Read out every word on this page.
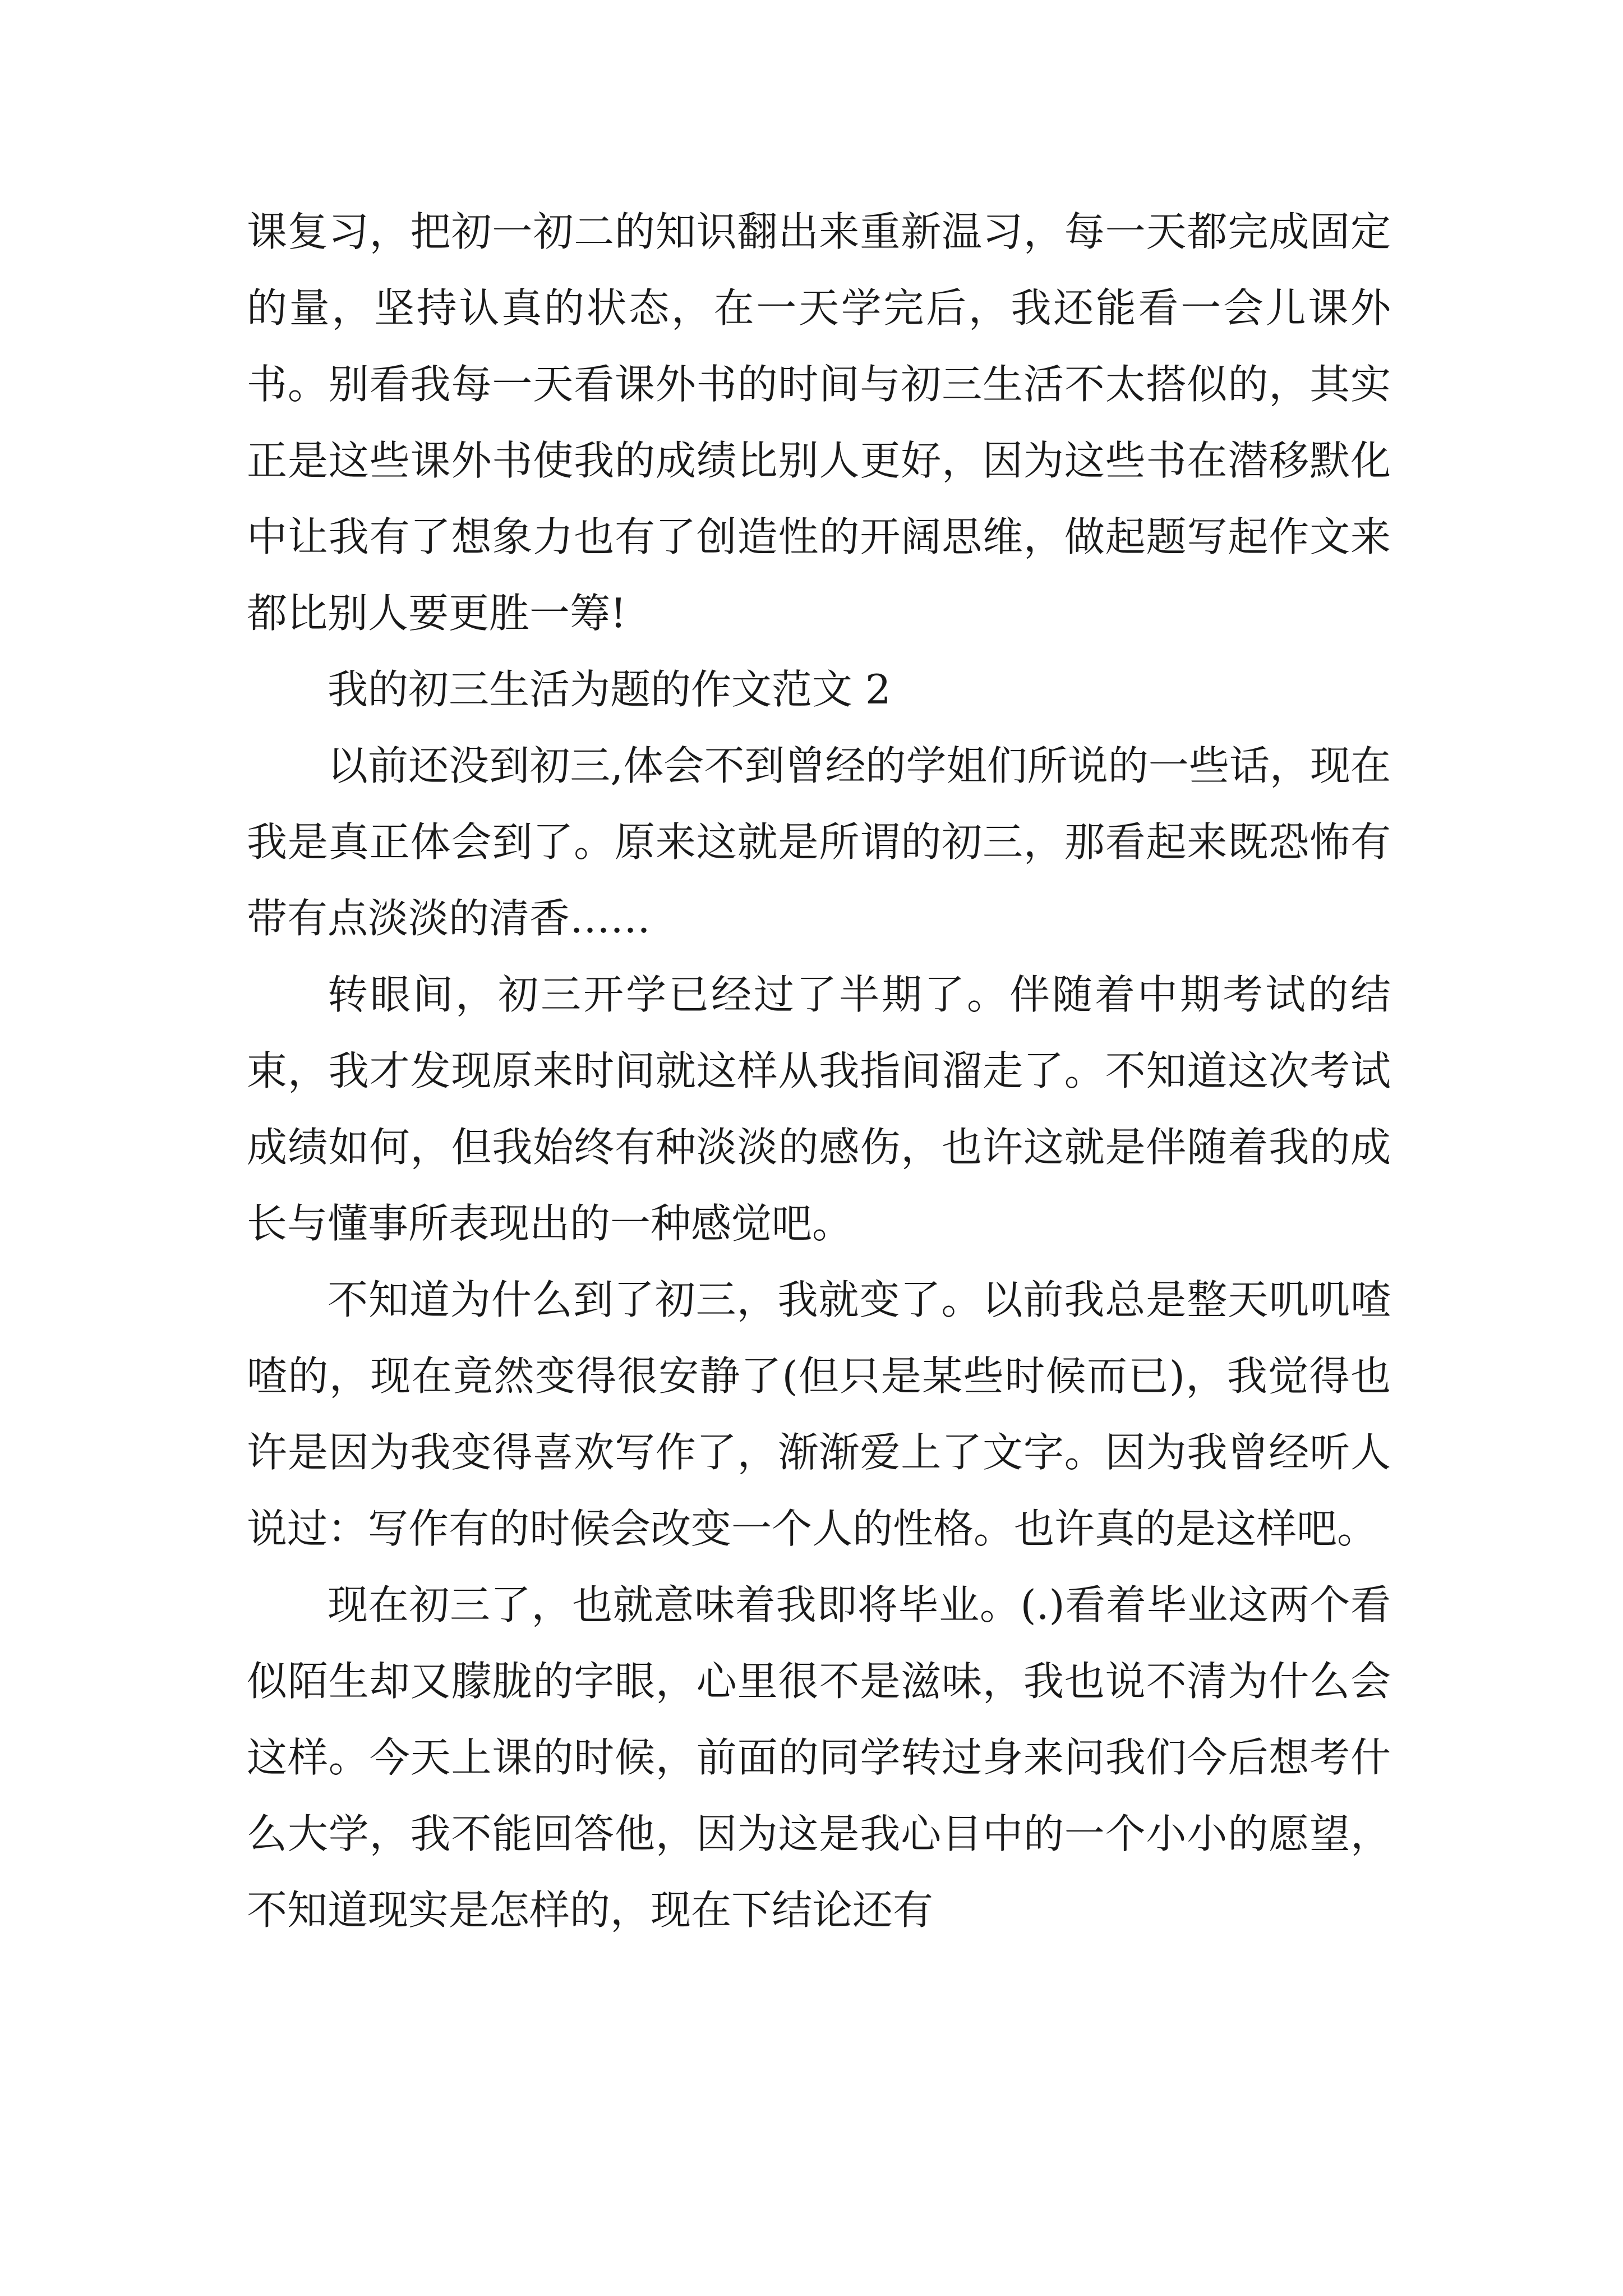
课复习，把初一初二的知识翻出来重新温习，每一天都完成固定的量，坚持认真的状态，在一天学完后，我还能看一会儿课外书。别看我每一天看课外书的时间与初三生活不太搭似的，其实正是这些课外书使我的成绩比别人更好，因为这些书在潜移默化中让我有了想象力也有了创造性的开阔思维，做起题写起作文来都比别人要更胜一筹!

我的初三生活为题的作文范文 2

以前还没到初三,体会不到曾经的学姐们所说的一些话，现在我是真正体会到了。原来这就是所谓的初三，那看起来既恐怖有带有点淡淡的清香……

转眼间，初三开学已经过了半期了。伴随着中期考试的结束，我才发现原来时间就这样从我指间溜走了。不知道这次考试成绩如何，但我始终有种淡淡的感伤，也许这就是伴随着我的成长与懂事所表现出的一种感觉吧。

不知道为什么到了初三，我就变了。以前我总是整天叽叽喳喳的，现在竟然变得很安静了(但只是某些时候而已)，我觉得也许是因为我变得喜欢写作了，渐渐爱上了文字。因为我曾经听人说过：写作有的时候会改变一个人的性格。也许真的是这样吧。

现在初三了，也就意味着我即将毕业。(.)看着毕业这两个看似陌生却又朦胧的字眼，心里很不是滋味，我也说不清为什么会这样。今天上课的时候，前面的同学转过身来问我们今后想考什么大学，我不能回答他，因为这是我心目中的一个小小的愿望，不知道现实是怎样的，现在下结论还有
